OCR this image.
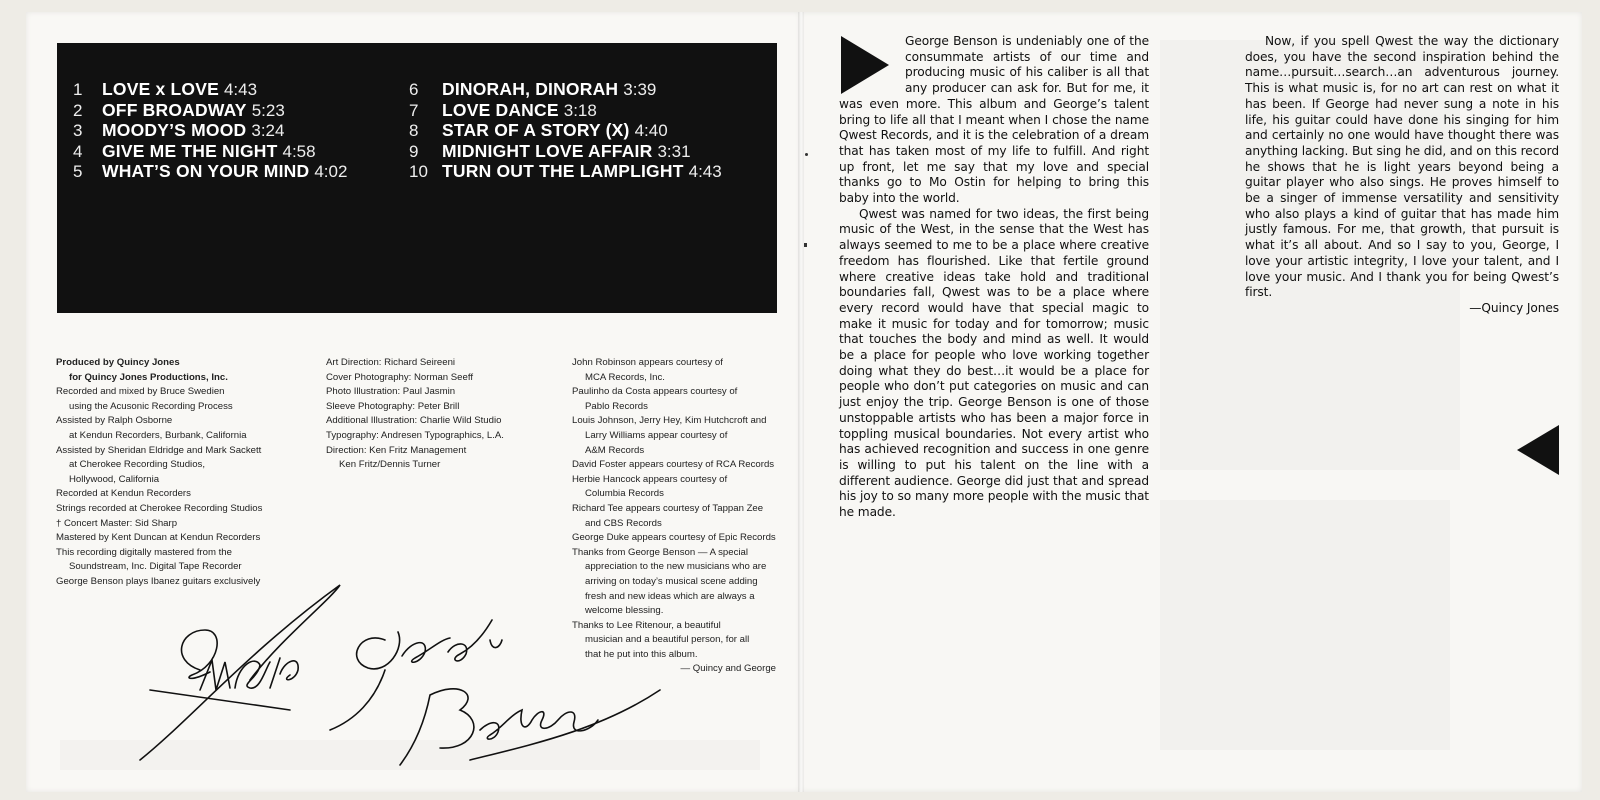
1 LOVE x LOVE 4:43
2 OFF BROADWAY 5:23
3 MOODY’S MOOD 3:24
4 GIVE ME THE NIGHT 4:58
5 WHAT’S ON YOUR MIND 4:02
6 DINORAH, DINORAH 3:39
7 LOVE DANCE 3:18
8 STAR OF A STORY (X) 4:40
9 MIDNIGHT LOVE AFFAIR 3:31
10 TURN OUT THE LAMPLIGHT 4:43
Produced by Quincy Jones
for Quincy Jones Productions, Inc.
Recorded and mixed by Bruce Swedien
using the Acusonic Recording Process
Assisted by Ralph Osborne
at Kendun Recorders, Burbank, California
Assisted by Sheridan Eldridge and Mark Sackett
at Cherokee Recording Studios,
Hollywood, California
Recorded at Kendun Recorders
Strings recorded at Cherokee Recording Studios
† Concert Master: Sid Sharp
Mastered by Kent Duncan at Kendun Recorders
This recording digitally mastered from the
Soundstream, Inc. Digital Tape Recorder
George Benson plays Ibanez guitars exclusively
Art Direction: Richard Seireeni
Cover Photography: Norman Seeff
Photo Illustration: Paul Jasmin
Sleeve Photography: Peter Brill
Additional Illustration: Charlie Wild Studio
Typography: Andresen Typographics, L.A.
Direction: Ken Fritz Management
Ken Fritz/Dennis Turner
John Robinson appears courtesy of
MCA Records, Inc.
Paulinho da Costa appears courtesy of
Pablo Records
Louis Johnson, Jerry Hey, Kim Hutchcroft and
Larry Williams appear courtesy of
A&M Records
David Foster appears courtesy of RCA Records
Herbie Hancock appears courtesy of
Columbia Records
Richard Tee appears courtesy of Tappan Zee
and CBS Records
George Duke appears courtesy of Epic Records
Thanks from George Benson — A special
appreciation to the new musicians who are
arriving on today’s musical scene adding
fresh and new ideas which are always a
welcome blessing.
Thanks to Lee Ritenour, a beautiful
musician and a beautiful person, for all
that he put into this album.
— Quincy and George

George Benson is undeniably one of the consummate artists of our time and producing music of his caliber is all that any producer can ask for. But for me, it was even more. This album and George’s talent bring to life all that I meant when I chose the name Qwest Records, and it is the celebration of a dream that has taken most of my life to fulfill. And right up front, let me say that my love and special thanks go to Mo Ostin for helping to bring this baby into the world.

Qwest was named for two ideas, the first being music of the West, in the sense that the West has always seemed to me to be a place where creative freedom has flourished. Like that fertile ground where creative ideas take hold and traditional boundaries fall, Qwest was to be a place where every record would have that special magic to make it music for today and for tomorrow; music that touches the body and mind as well. It would be a place for people who love working together doing what they do best…it would be a place for people who don’t put categories on music and can just enjoy the trip. George Benson is one of those unstoppable artists who has been a major force in toppling musical boundaries. Not every artist who has achieved recognition and success in one genre is willing to put his talent on the line with a different audience. George did just that and spread his joy to so many more people with the music that he made.

Now, if you spell Qwest the way the dictionary does, you have the second inspiration behind the name…pursuit…search…an adventurous journey. This is what music is, for no art can rest on what it has been. If George had never sung a note in his life, his guitar could have done his singing for him and certainly no one would have thought there was anything lacking. But sing he did, and on this record he shows that he is light years beyond being a guitar player who also sings. He proves himself to be a singer of immense versatility and sensitivity who also plays a kind of guitar that has made him justly famous. For me, that growth, that pursuit is what it’s all about. And so I say to you, George, I love your artistic integrity, I love your talent, and I love your music. And I thank you for being Qwest’s first.

—Quincy Jones
